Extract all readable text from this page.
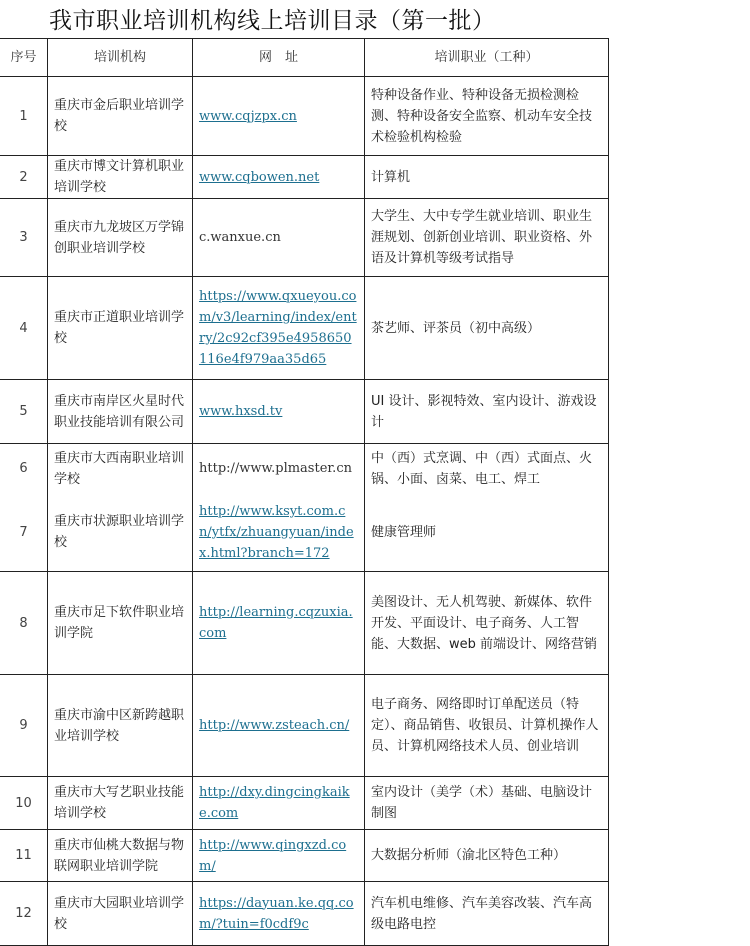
我市职业培训机构线上培训目录（第一批）
序号	培训机构	网　址	培训职业（工种）
1	重庆市金后职业培训学校	www.cqjzpx.cn	特种设备作业、特种设备无损检测检测、特种设备安全监察、机动车安全技术检验机构检验
2	重庆市博文计算机职业培训学校	www.cqbowen.net	计算机
3	重庆市九龙坡区万学锦创职业培训学校	c.wanxue.cn	大学生、大中专学生就业培训、职业生涯规划、创新创业培训、职业资格、外语及计算机等级考试指导
4	重庆市正道职业培训学校	https://www.qxueyou.com/v3/learning/index/entry/2c92cf395e4958650116e4f979aa35d65	茶艺师、评茶员（初中高级）
5	重庆市南岸区火星时代职业技能培训有限公司	www.hxsd.tv	UI 设计、影视特效、室内设计、游戏设计
6	重庆市大西南职业培训学校	http://www.plmaster.cn	中（西）式烹调、中（西）式面点、火锅、小面、卤菜、电工、焊工
7	重庆市状源职业培训学校	http://www.ksyt.com.cn/ytfx/zhuangyuan/index.html?branch=172	健康管理师
8	重庆市足下软件职业培训学院	http://learning.cqzuxia.com	美图设计、无人机驾驶、新媒体、软件开发、平面设计、电子商务、人工智能、大数据、web 前端设计、网络营销
9	重庆市渝中区新跨越职业培训学校	http://www.zsteach.cn/	电子商务、网络即时订单配送员（特定）、商品销售、收银员、计算机操作人员、计算机网络技术人员、创业培训
10	重庆市大写艺职业技能培训学校	http://dxy.dingcingkaike.com	室内设计（美学（术）基础、电脑设计制图
11	重庆市仙桃大数据与物联网职业培训学院	http://www.qingxzd.com/	大数据分析师（渝北区特色工种）
12	重庆市大园职业培训学校	https://dayuan.ke.qq.com/?tuin=f0cdf9c	汽车机电维修、汽车美容改装、汽车高级电路电控
